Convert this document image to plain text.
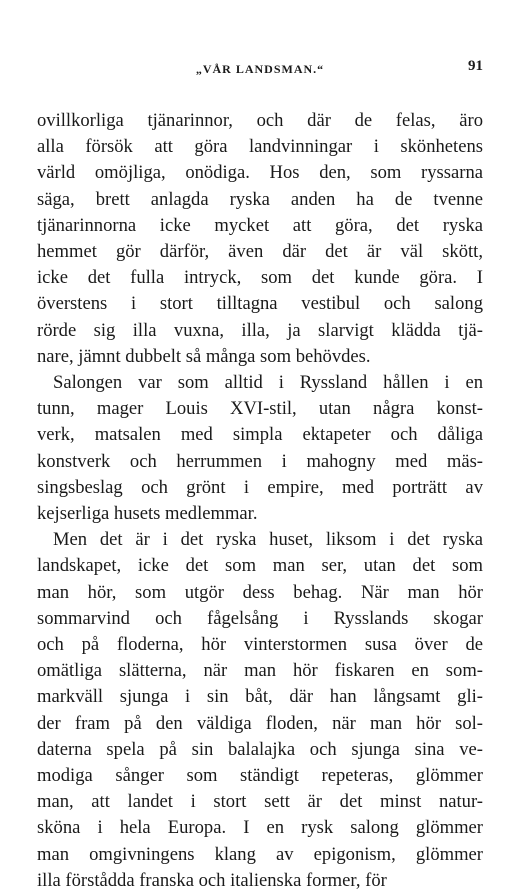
„VÅR LANDSMAN.“	91

ovillkorliga tjänarinnor, och där de felas, äro
alla försök att göra landvinningar i skönhetens
värld omöjliga, onödiga. Hos den, som ryssarna
säga, brett anlagda ryska anden ha de tvenne
tjänarinnorna icke mycket att göra, det ryska
hemmet gör därför, även där det är väl skött,
icke det fulla intryck, som det kunde göra. I
överstens i stort tilltagna vestibul och salong
rörde sig illa vuxna, illa, ja slarvigt klädda tjä-
nare, jämnt dubbelt så många som behövdes.

Salongen var som alltid i Ryssland hållen i en
tunn, mager Louis XVI-stil, utan några konst-
verk, matsalen med simpla ektapeter och dåliga
konstverk och herrummen i mahogny med mäs-
singsbeslag och grönt i empire, med porträtt av
kejserliga husets medlemmar.

Men det är i det ryska huset, liksom i det ryska
landskapet, icke det som man ser, utan det som
man hör, som utgör dess behag. När man hör
sommarvind och fågelsång i Rysslands skogar
och på floderna, hör vinterstormen susa över de
omätliga slätterna, när man hör fiskaren en som-
markväll sjunga i sin båt, där han långsamt gli-
der fram på den väldiga floden, när man hör sol-
daterna spela på sin balalajka och sjunga sina ve-
modiga sånger som ständigt repeteras, glömmer
man, att landet i stort sett är det minst natur-
sköna i hela Europa. I en rysk salong glömmer
man omgivningens klang av epigonism, glömmer
illa förstådda franska och italienska former, för
